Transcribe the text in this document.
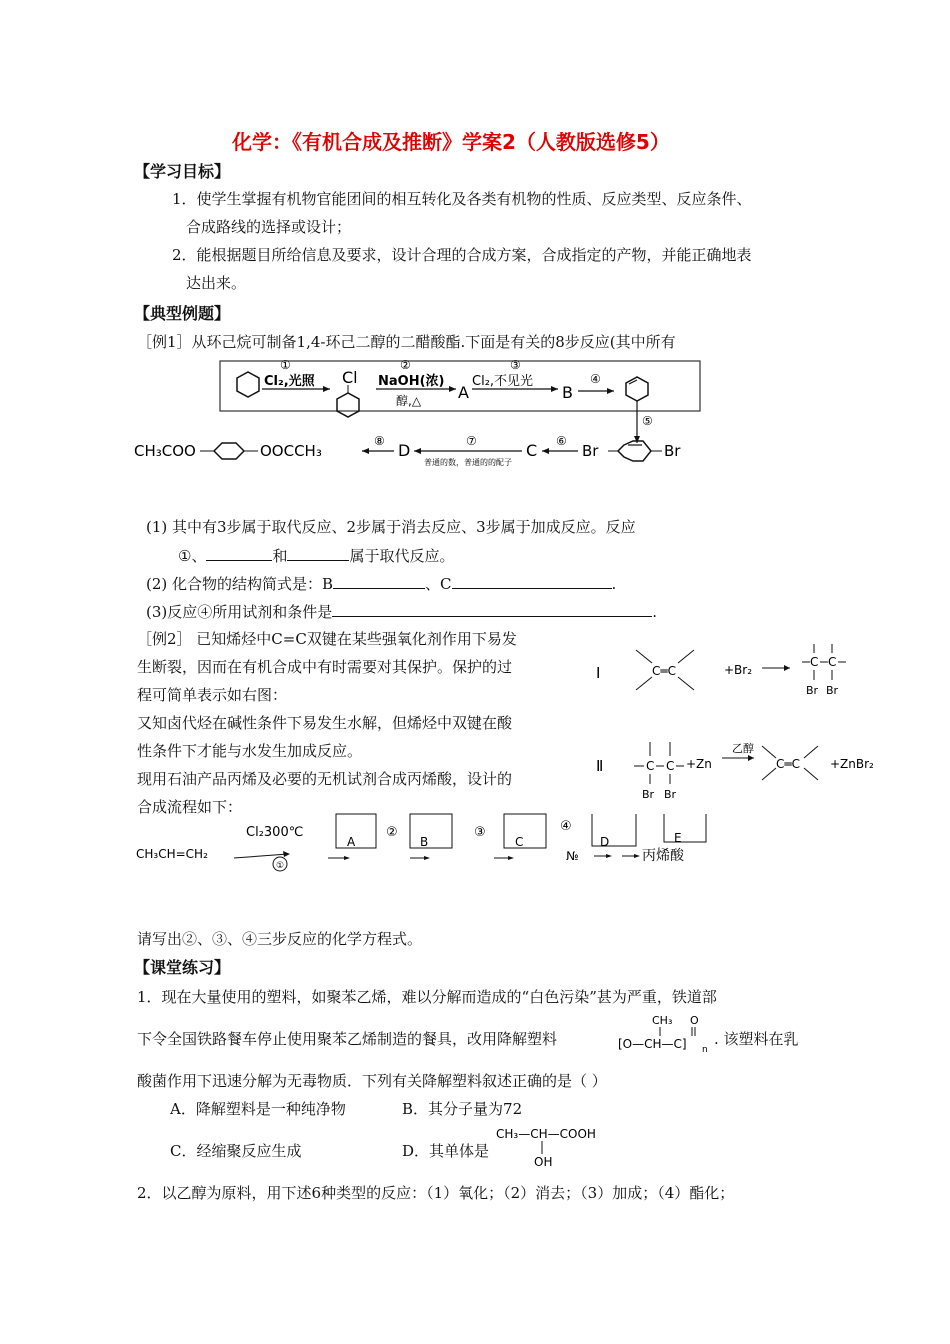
化学：《有机合成及推断》学案2（人教版选修5）
【学习目标】
1．使学生掌握有机物官能团间的相互转化及各类有机物的性质、反应类型、反应条件、
合成路线的选择或设计；
2．能根据题目所给信息及要求，设计合理的合成方案，合成指定的产物，并能正确地表
达出来。
【典型例题】
［例1］从环己烷可制备1,4-环己二醇的二醋酸酯.下面是有关的8步反应(其中所有
①
Cl₂,光照 Cl
②
NaOH(浓)
醇,△ A
③
Cl₂,不见光
B
④
⑤
Br
Br
⑥
C
⑦
普通的数，普通的的配子
D
⑧
CH₃COO	OOCCH₃
(1) 其中有3步属于取代反应、2步属于消去反应、3步属于加成反应。反应
①、	和	属于取代反应。
(2) 化合物的结构简式是：B	、C	.
(3)反应④所用试剂和条件是	.
［例2］ 已知烯烃中C=C双键在某些强氧化剂作用下易发
生断裂，因而在有机合成中有时需要对其保护。保护的过
程可简单表示如右图：
又知卤代烃在碱性条件下易发生水解，但烯烃中双键在酸
性条件下才能与水发生加成反应。
现用石油产品丙烯及必要的无机试剂合成丙烯酸，设计的
合成流程如下：
Ⅰ	C═C	+Br₂
C C
Br Br
Ⅱ	C C
Br Br
+Zn
乙醇
C═C	+ZnBr₂
CH₃CH=CH₂
Cl₂300℃
①
A
②
B
③
C
④
D
№
E
丙烯酸
请写出②、③、④三步反应的化学方程式。
【课堂练习】
1．现在大量使用的塑料，如聚苯乙烯，难以分解而造成的“白色污染”甚为严重，铁道部
下令全国铁路餐车停止使用聚苯乙烯制造的餐具，改用降解塑料
CH₃ O
[O—CH—C] n
. 该塑料在乳
酸菌作用下迅速分解为无毒物质．下列有关降解塑料叙述正确的是（ ）
A．降解塑料是一种纯净物	B．其分子量为72
C．经缩聚反应生成	D．其单体是
CH₃—CH—COOH
OH
2．以乙醇为原料，用下述6种类型的反应：（1）氧化；（2）消去；（3）加成；（4）酯化；
